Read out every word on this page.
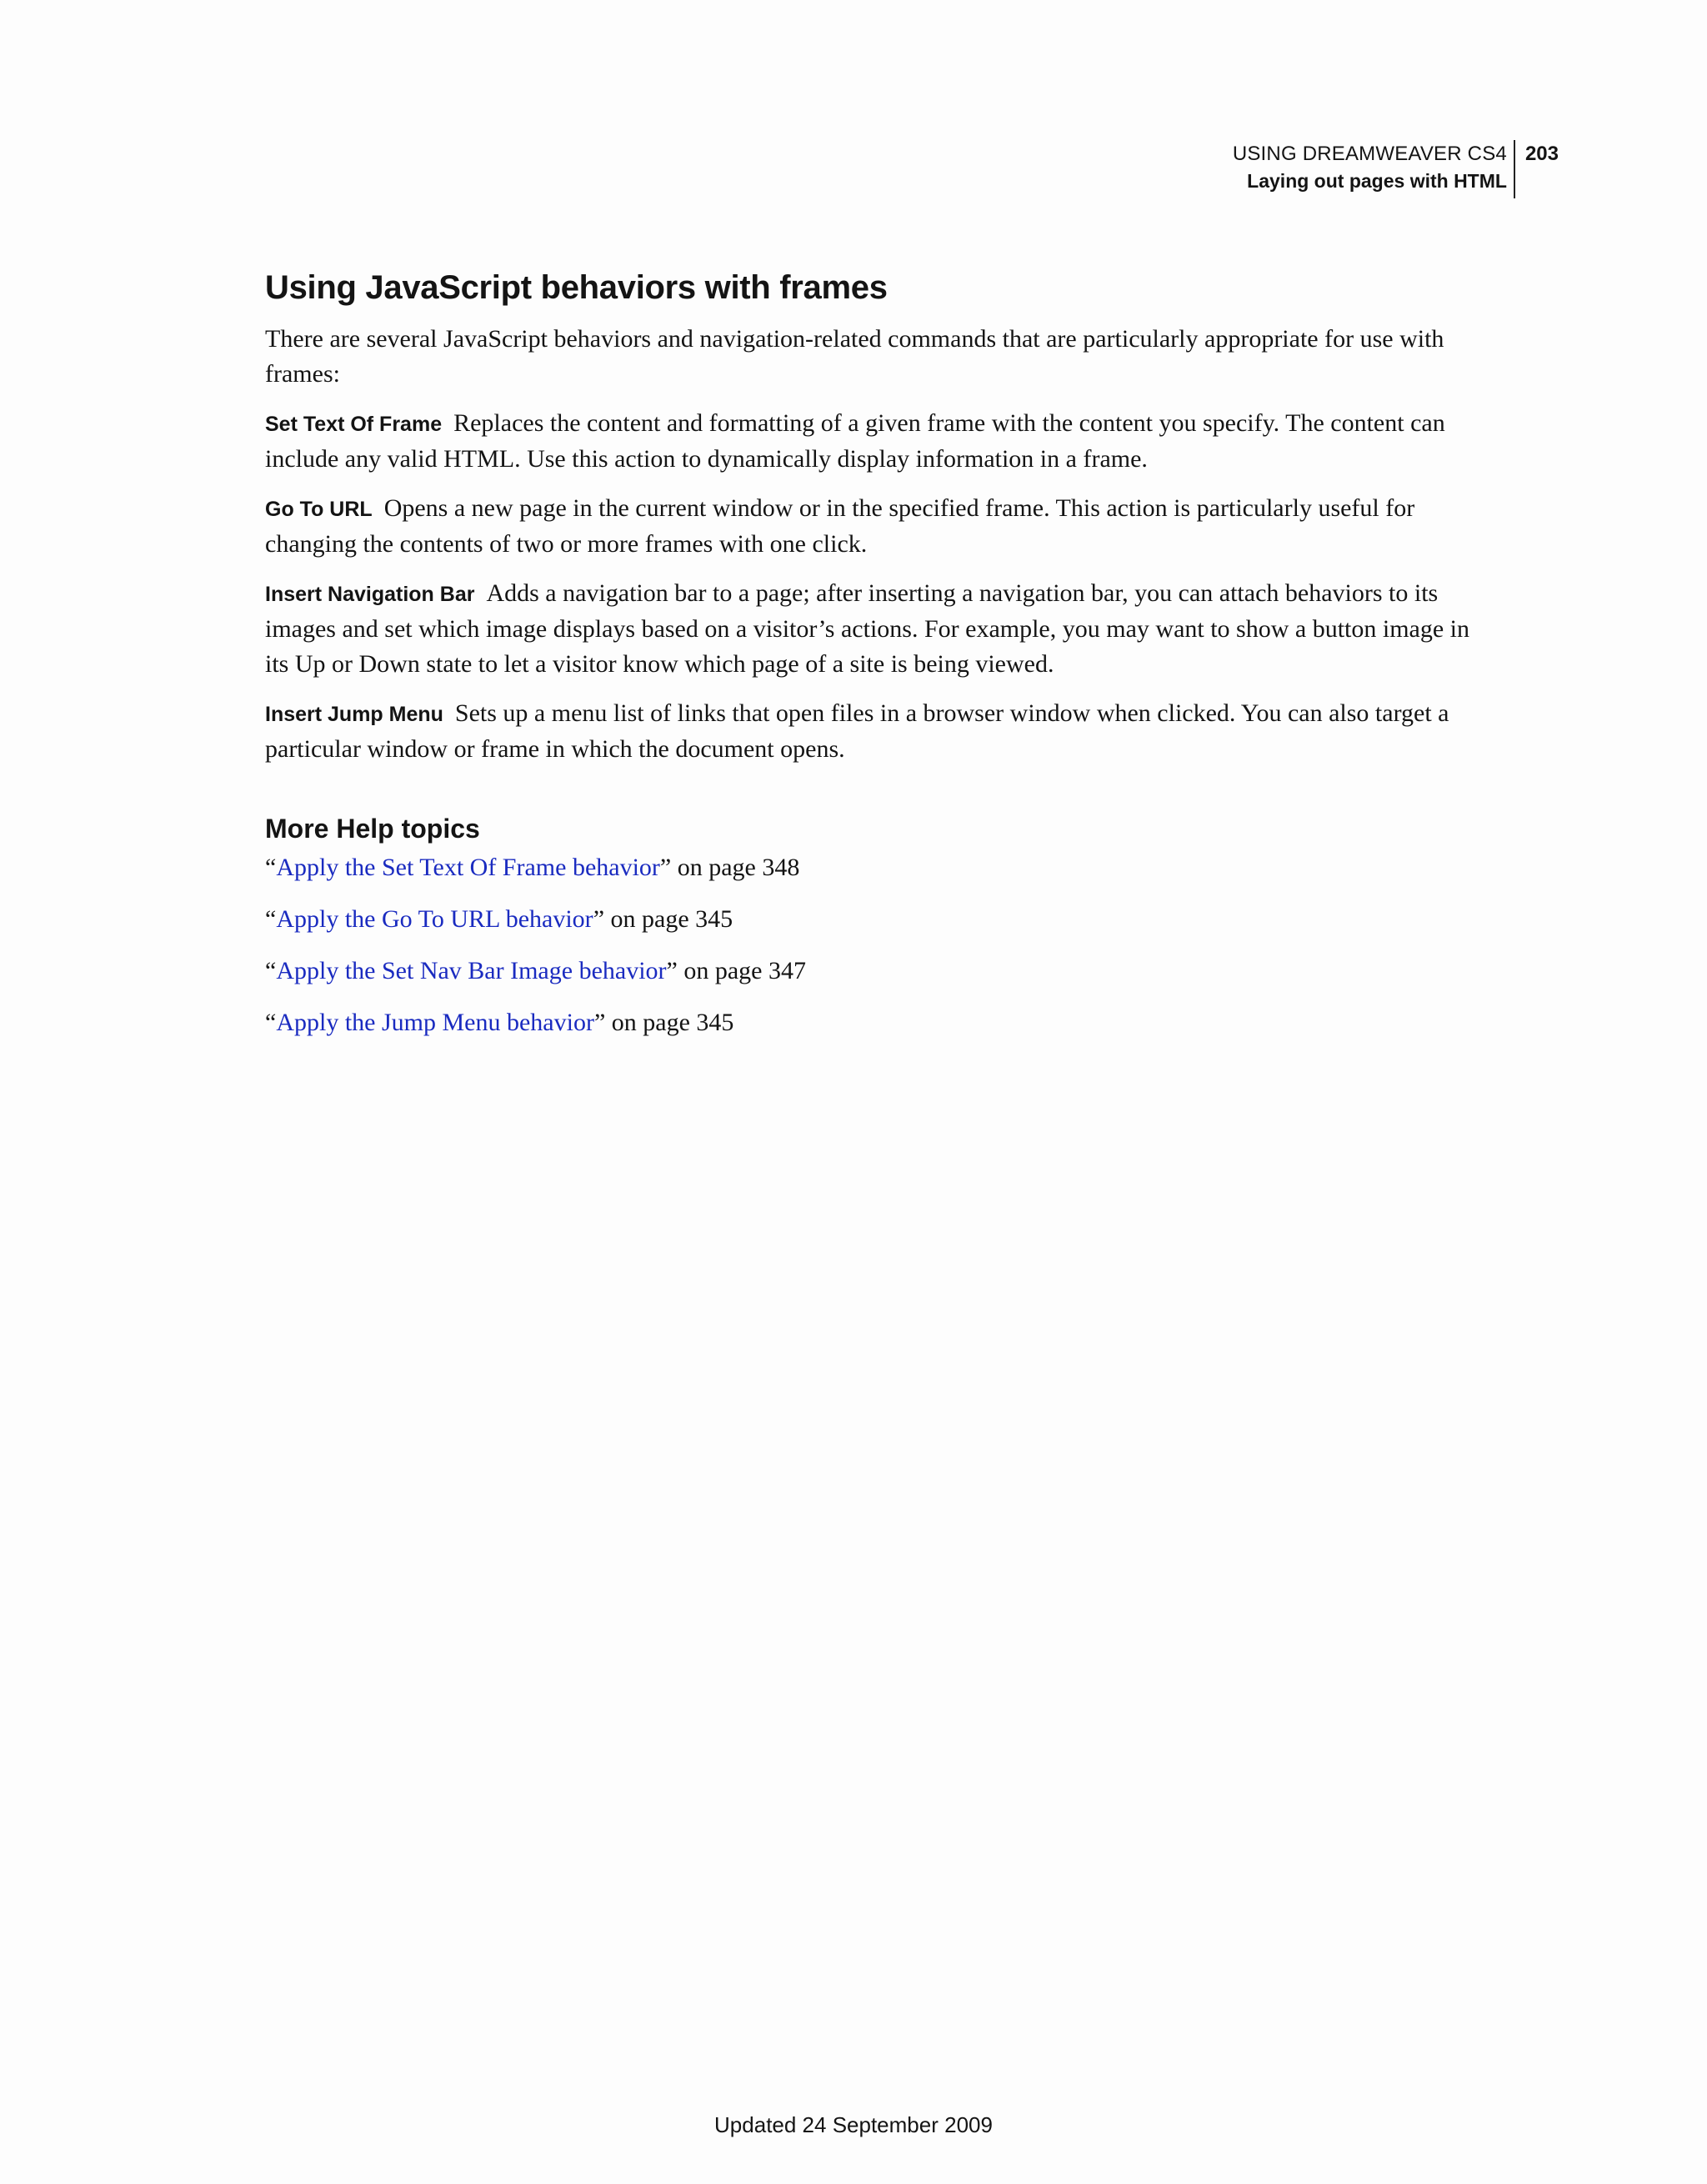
USING DREAMWEAVER CS4
Laying out pages with HTML
203
Using JavaScript behaviors with frames

There are several JavaScript behaviors and navigation-related commands that are particularly appropriate for use with frames:

Set Text Of Frame Replaces the content and formatting of a given frame with the content you specify. The content can include any valid HTML. Use this action to dynamically display information in a frame.

Go To URL Opens a new page in the current window or in the specified frame. This action is particularly useful for changing the contents of two or more frames with one click.

Insert Navigation Bar Adds a navigation bar to a page; after inserting a navigation bar, you can attach behaviors to its images and set which image displays based on a visitor’s actions. For example, you may want to show a button image in its Up or Down state to let a visitor know which page of a site is being viewed.

Insert Jump Menu Sets up a menu list of links that open files in a browser window when clicked. You can also target a particular window or frame in which the document opens.

More Help topics
“Apply the Set Text Of Frame behavior” on page 348
“Apply the Go To URL behavior” on page 345
“Apply the Set Nav Bar Image behavior” on page 347
“Apply the Jump Menu behavior” on page 345
Updated 24 September 2009
